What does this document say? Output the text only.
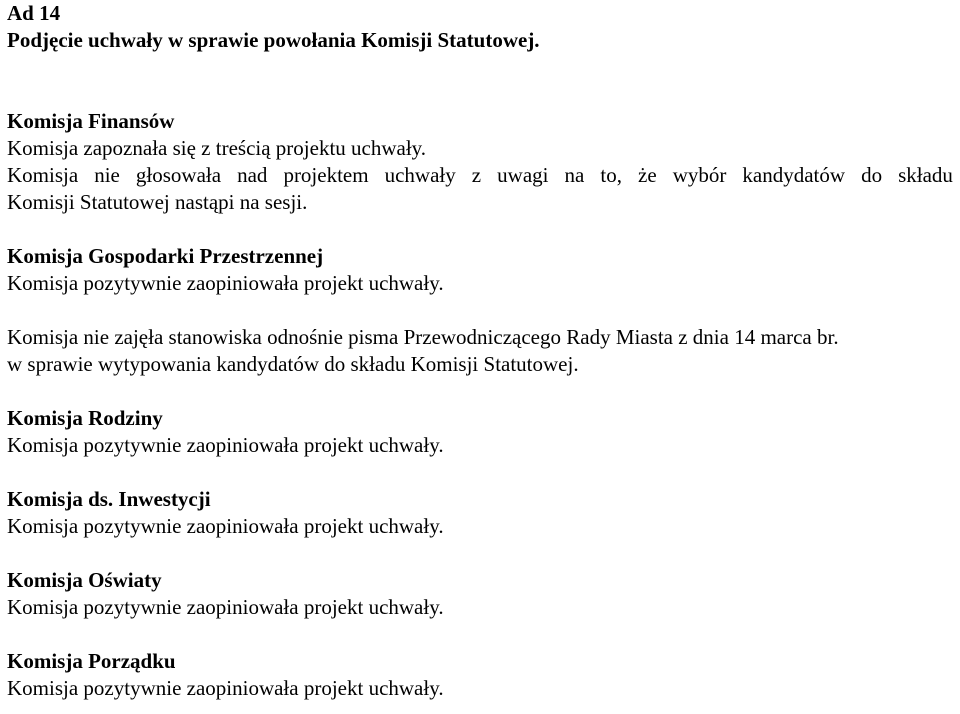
Ad 14

Podjęcie uchwały w sprawie powołania Komisji Statutowej.

Komisja Finansów

Komisja zapoznała się z treścią projektu uchwały.

Komisja nie głosowała nad projektem uchwały z uwagi na to, że wybór kandydatów do składu

Komisji Statutowej nastąpi na sesji.

Komisja Gospodarki Przestrzennej

Komisja pozytywnie zaopiniowała projekt uchwały.

Komisja nie zajęła stanowiska odnośnie pisma Przewodniczącego Rady Miasta z dnia 14 marca br.

w sprawie wytypowania kandydatów do składu Komisji Statutowej.

Komisja Rodziny

Komisja pozytywnie zaopiniowała projekt uchwały.

Komisja ds. Inwestycji

Komisja pozytywnie zaopiniowała projekt uchwały.

Komisja Oświaty

Komisja pozytywnie zaopiniowała projekt uchwały.

Komisja Porządku

Komisja pozytywnie zaopiniowała projekt uchwały.
